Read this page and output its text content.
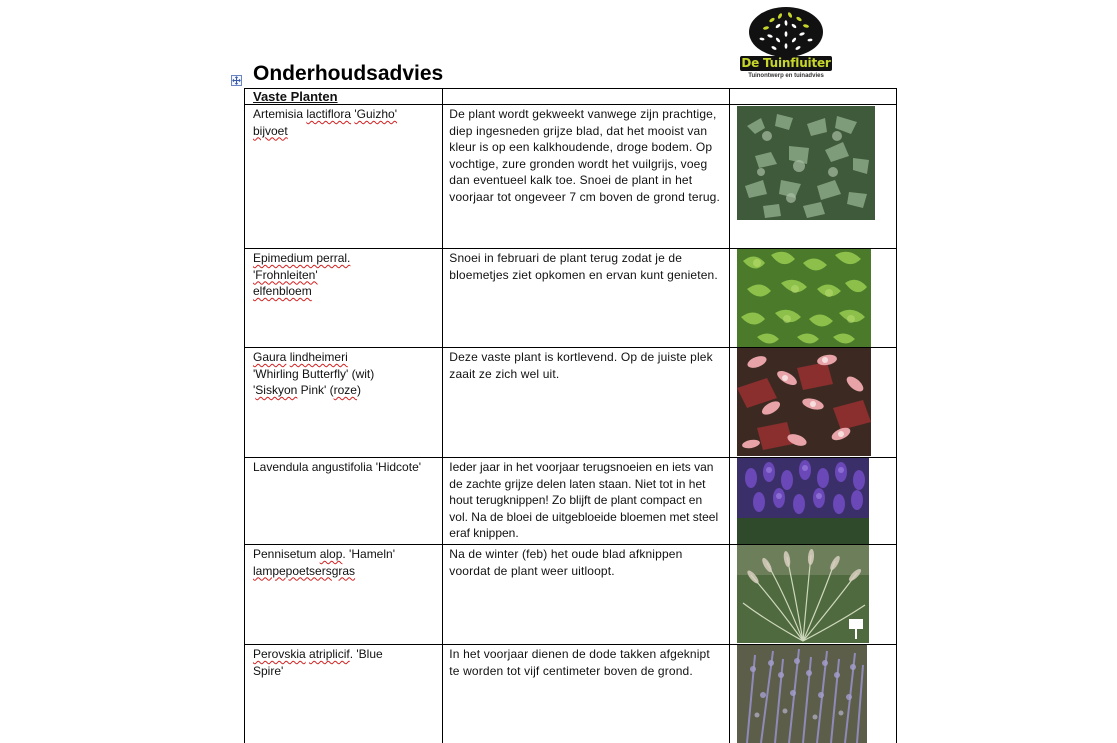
De Tuinfluiter
Tuinontwerp en tuinadvies
Onderhoudsadvies
Vaste Planten		

Artemisia lactiflora 'Guizho'
bijvoet	De plant wordt gekweekt vanwege zijn prachtige, diep ingesneden grijze blad, dat het mooist van kleur is op een kalkhoudende, droge bodem. Op vochtige, zure gronden wordt het vuilgrijs, voeg dan eventueel kalk toe. Snoei de plant in het voorjaar tot ongeveer 7 cm boven de grond terug.	

Epimedium perral.
'Frohnleiten'
elfenbloem	Snoei in februari de plant terug zodat je de bloemetjes ziet opkomen en ervan kunt genieten.	

Gaura lindheimeri
'Whirling Butterfly' (wit)
'Siskyon Pink' (roze)	Deze vaste plant is kortlevend. Op de juiste plek zaait ze zich wel uit.	

Lavendula angustifolia 'Hidcote'	Ieder jaar in het voorjaar terugsnoeien en iets van de zachte grijze delen laten staan. Niet tot in het hout terugknippen! Zo blijft de plant compact en vol. Na de bloei de uitgebloeide bloemen met steel eraf knippen.	

Pennisetum alop. 'Hameln'
lampepoetsersgras	Na de winter (feb) het oude blad afknippen voordat de plant weer uitloopt.	

Perovskia atriplicif. 'Blue
Spire'	In het voorjaar dienen de dode takken afgeknipt te worden tot vijf centimeter boven de grond.	
